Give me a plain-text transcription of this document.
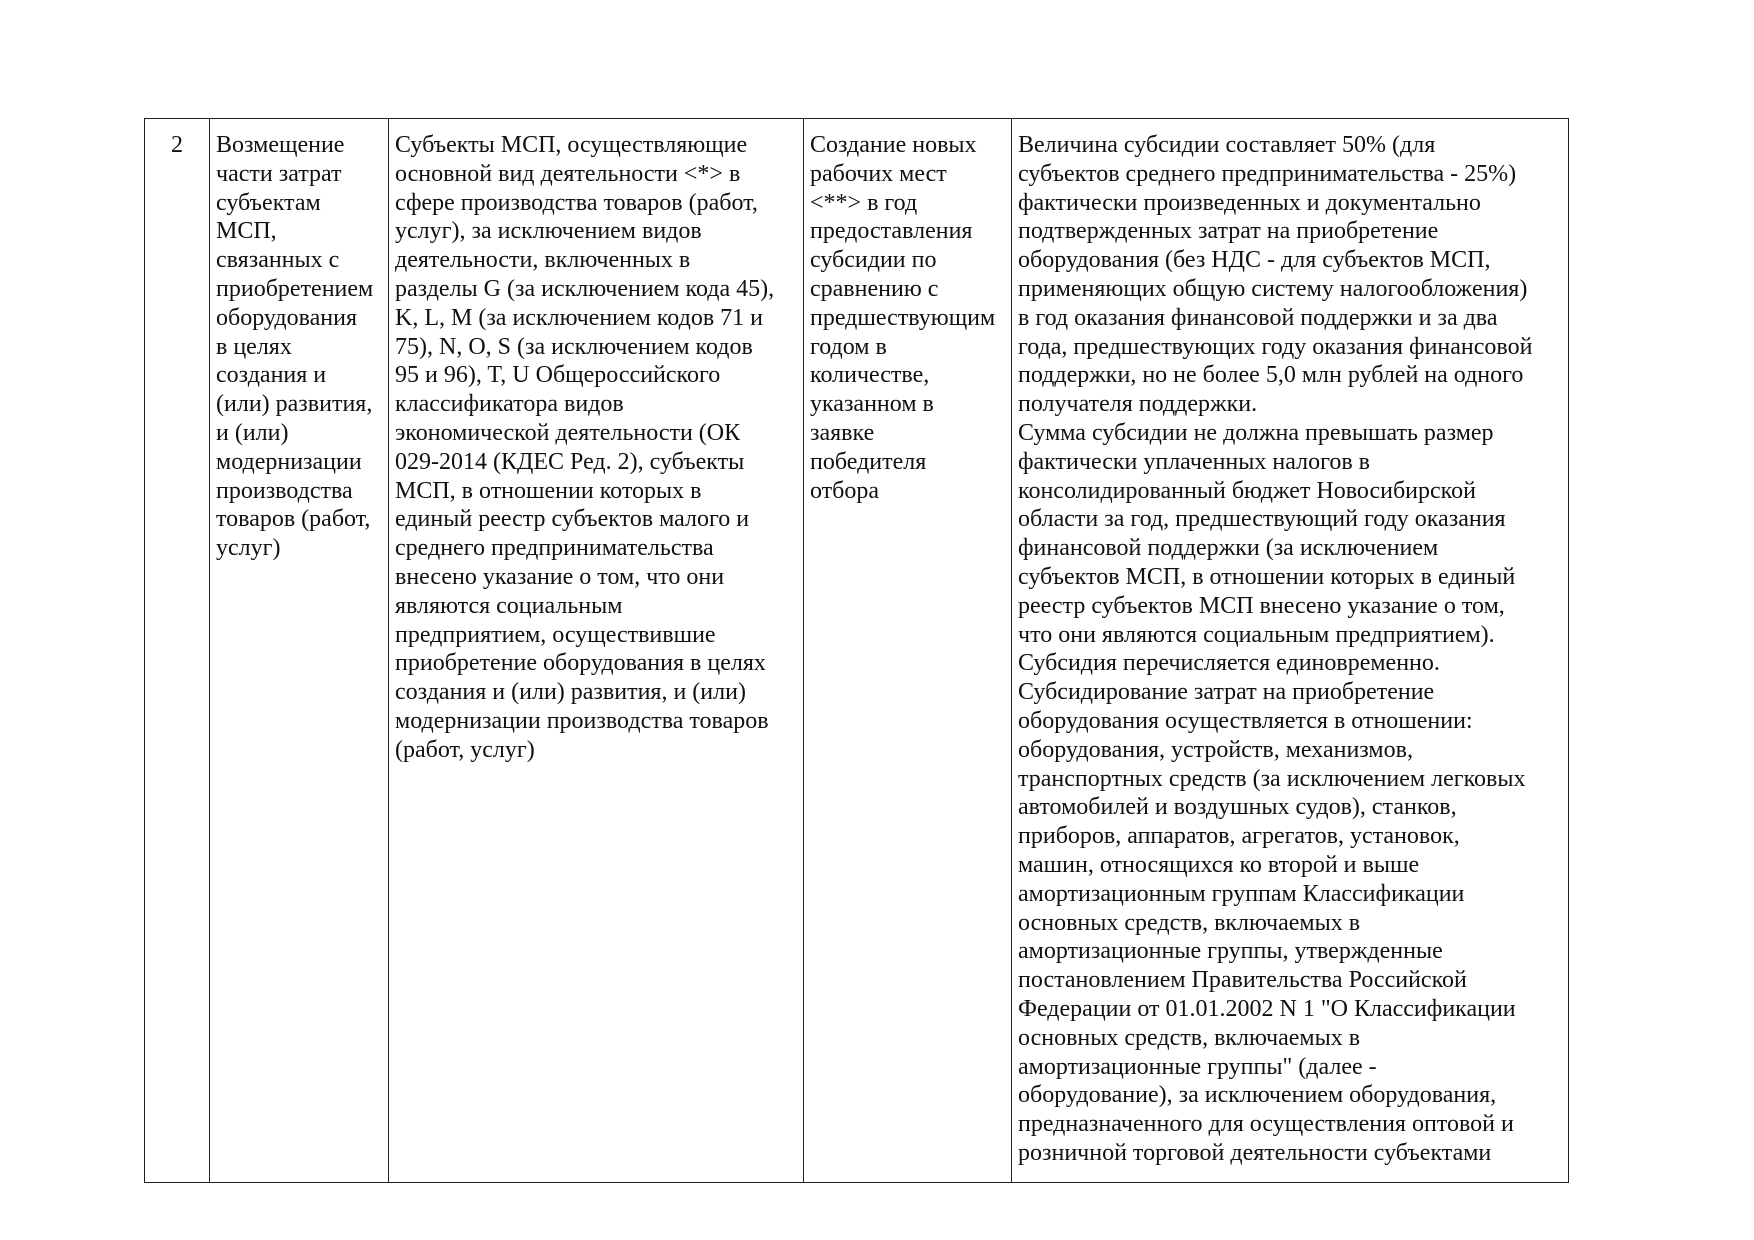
2	Возмещение
части затрат
субъектам
МСП,
связанных с
приобретением
оборудования
в целях
создания и
(или) развития,
и (или)
модернизации
производства
товаров (работ,
услуг)
Субъекты МСП, осуществляющие
основной вид деятельности <*> в
сфере производства товаров (работ,
услуг), за исключением видов
деятельности, включенных в
разделы G (за исключением кода 45),
K, L, M (за исключением кодов 71 и
75), N, O, S (за исключением кодов
95 и 96), T, U Общероссийского
классификатора видов
экономической деятельности (ОК
029-2014 (КДЕС Ред. 2), субъекты
МСП, в отношении которых в
единый реестр субъектов малого и
среднего предпринимательства
внесено указание о том, что они
являются социальным
предприятием, осуществившие
приобретение оборудования в целях
создания и (или) развития, и (или)
модернизации производства товаров
(работ, услуг)
Создание новых
рабочих мест
<**> в год
предоставления
субсидии по
сравнению с
предшествующим
годом в
количестве,
указанном в
заявке
победителя
отбора
Величина субсидии составляет 50% (для
субъектов среднего предпринимательства - 25%)
фактически произведенных и документально
подтвержденных затрат на приобретение
оборудования (без НДС - для субъектов МСП,
применяющих общую систему налогообложения)
в год оказания финансовой поддержки и за два
года, предшествующих году оказания финансовой
поддержки, но не более 5,0 млн рублей на одного
получателя поддержки.
Сумма субсидии не должна превышать размер
фактически уплаченных налогов в
консолидированный бюджет Новосибирской
области за год, предшествующий году оказания
финансовой поддержки (за исключением
субъектов МСП, в отношении которых в единый
реестр субъектов МСП внесено указание о том,
что они являются социальным предприятием).
Субсидия перечисляется единовременно.
Субсидирование затрат на приобретение
оборудования осуществляется в отношении:
оборудования, устройств, механизмов,
транспортных средств (за исключением легковых
автомобилей и воздушных судов), станков,
приборов, аппаратов, агрегатов, установок,
машин, относящихся ко второй и выше
амортизационным группам Классификации
основных средств, включаемых в
амортизационные группы, утвержденные
постановлением Правительства Российской
Федерации от 01.01.2002 N 1 "О Классификации
основных средств, включаемых в
амортизационные группы" (далее -
оборудование), за исключением оборудования,
предназначенного для осуществления оптовой и
розничной торговой деятельности субъектами
